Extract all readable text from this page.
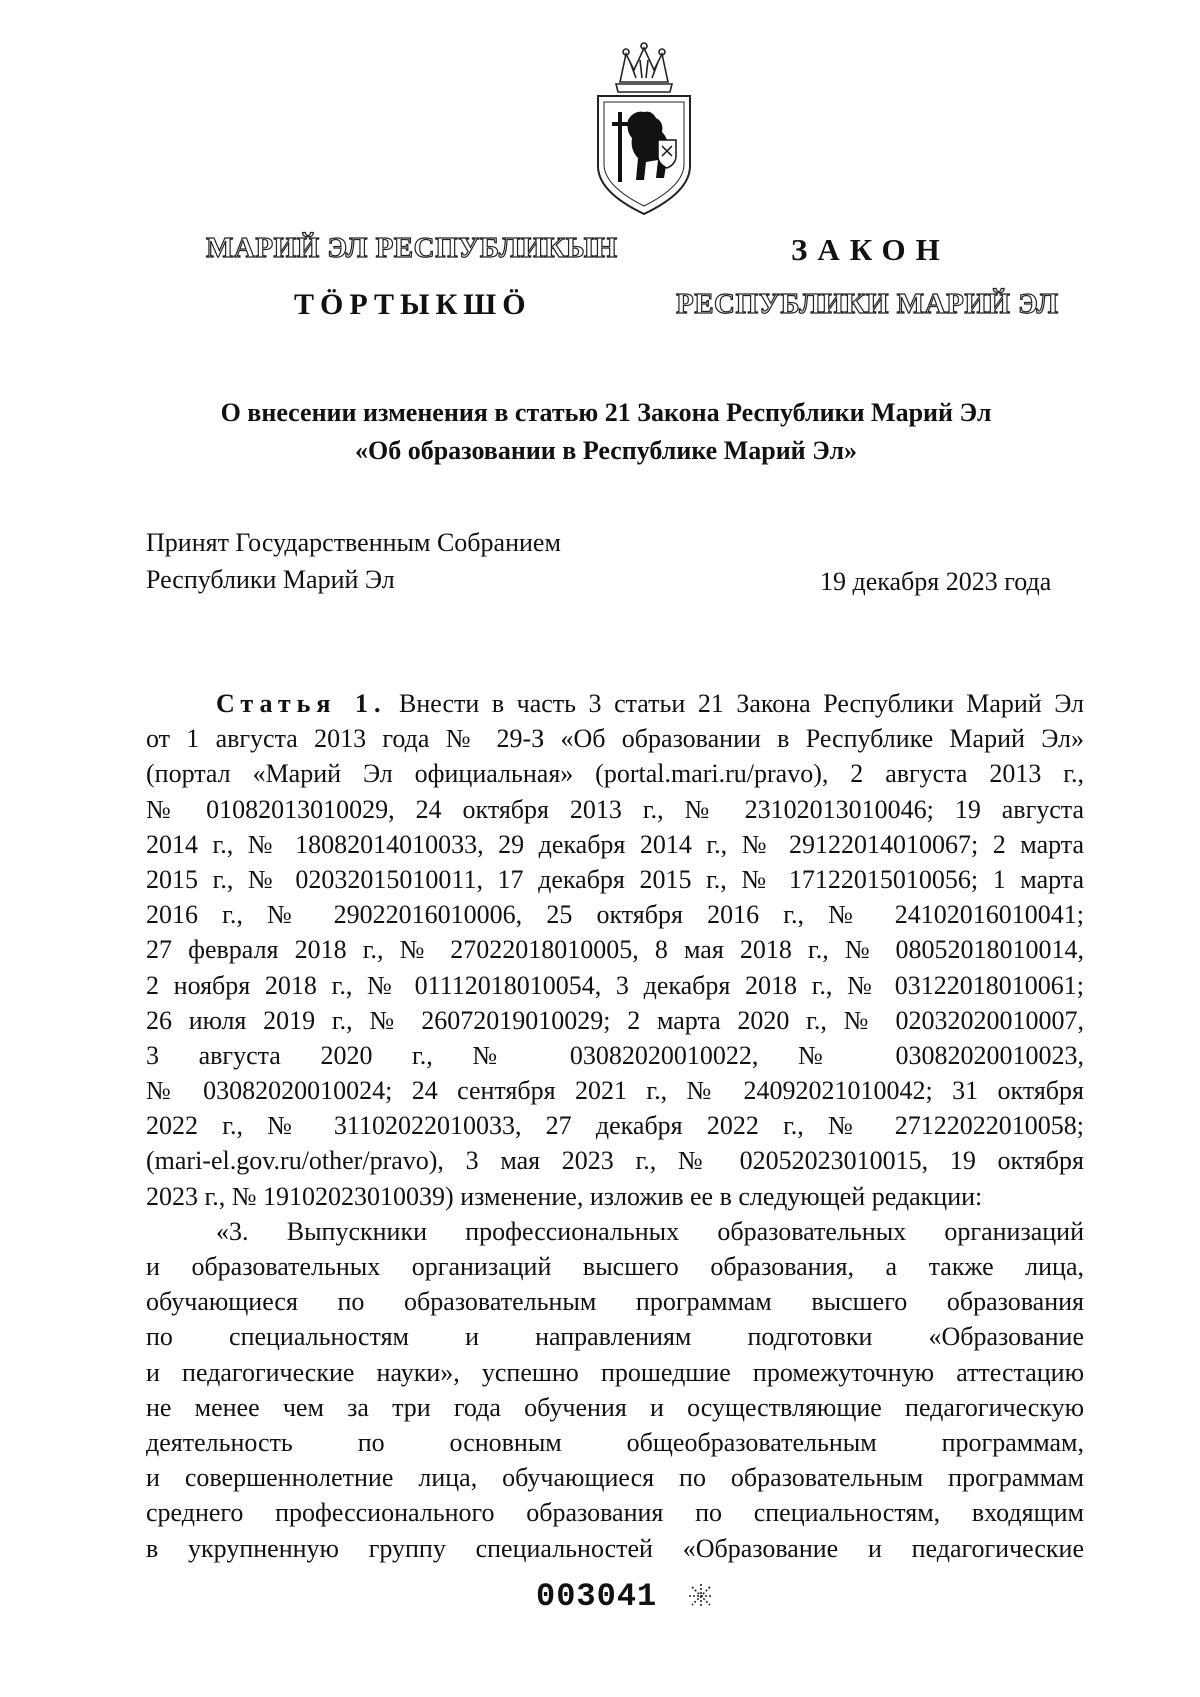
МАРИЙ ЭЛ РЕСПУБЛИКЫН
ТӦРТЫКШӦ
ЗАКОН
РЕСПУБЛИКИ МАРИЙ ЭЛ
О внесении изменения в статью 21 Закона Республики Марий Эл
«Об образовании в Республике Марий Эл»
Принят Государственным Собранием
Республики Марий Эл	19 декабря 2023 года
Статья 1. Внести в часть 3 статьи 21 Закона Республики Марий Эл
от 1 августа 2013 года № 29-З «Об образовании в Республике Марий Эл»
(портал «Марий Эл официальная» (portal.mari.ru/pravo), 2 августа 2013 г.,
№ 01082013010029, 24 октября 2013 г., № 23102013010046; 19 августа
2014 г., № 18082014010033, 29 декабря 2014 г., № 29122014010067; 2 марта
2015 г., № 02032015010011, 17 декабря 2015 г., № 17122015010056; 1 марта
2016 г., № 29022016010006, 25 октября 2016 г., № 24102016010041;
27 февраля 2018 г., № 27022018010005, 8 мая 2018 г., № 08052018010014,
2 ноября 2018 г., № 01112018010054, 3 декабря 2018 г., № 03122018010061;
26 июля 2019 г., № 26072019010029; 2 марта 2020 г., № 02032020010007,
3 августа 2020 г., № 03082020010022, № 03082020010023,
№ 03082020010024; 24 сентября 2021 г., № 24092021010042; 31 октября
2022 г., № 31102022010033, 27 декабря 2022 г., № 27122022010058;
(mari-el.gov.ru/other/pravo), 3 мая 2023 г., № 02052023010015, 19 октября
2023 г., № 19102023010039) изменение, изложив ее в следующей редакции:
«3. Выпускники профессиональных образовательных организаций
и образовательных организаций высшего образования, а также лица,
обучающиеся по образовательным программам высшего образования
по специальностям и направлениям подготовки «Образование
и педагогические науки», успешно прошедшие промежуточную аттестацию
не менее чем за три года обучения и осуществляющие педагогическую
деятельность по основным общеобразовательным программам,
и совершеннолетние лица, обучающиеся по образовательным программам
среднего профессионального образования по специальностям, входящим
в укрупненную группу специальностей «Образование и педагогические
003041
